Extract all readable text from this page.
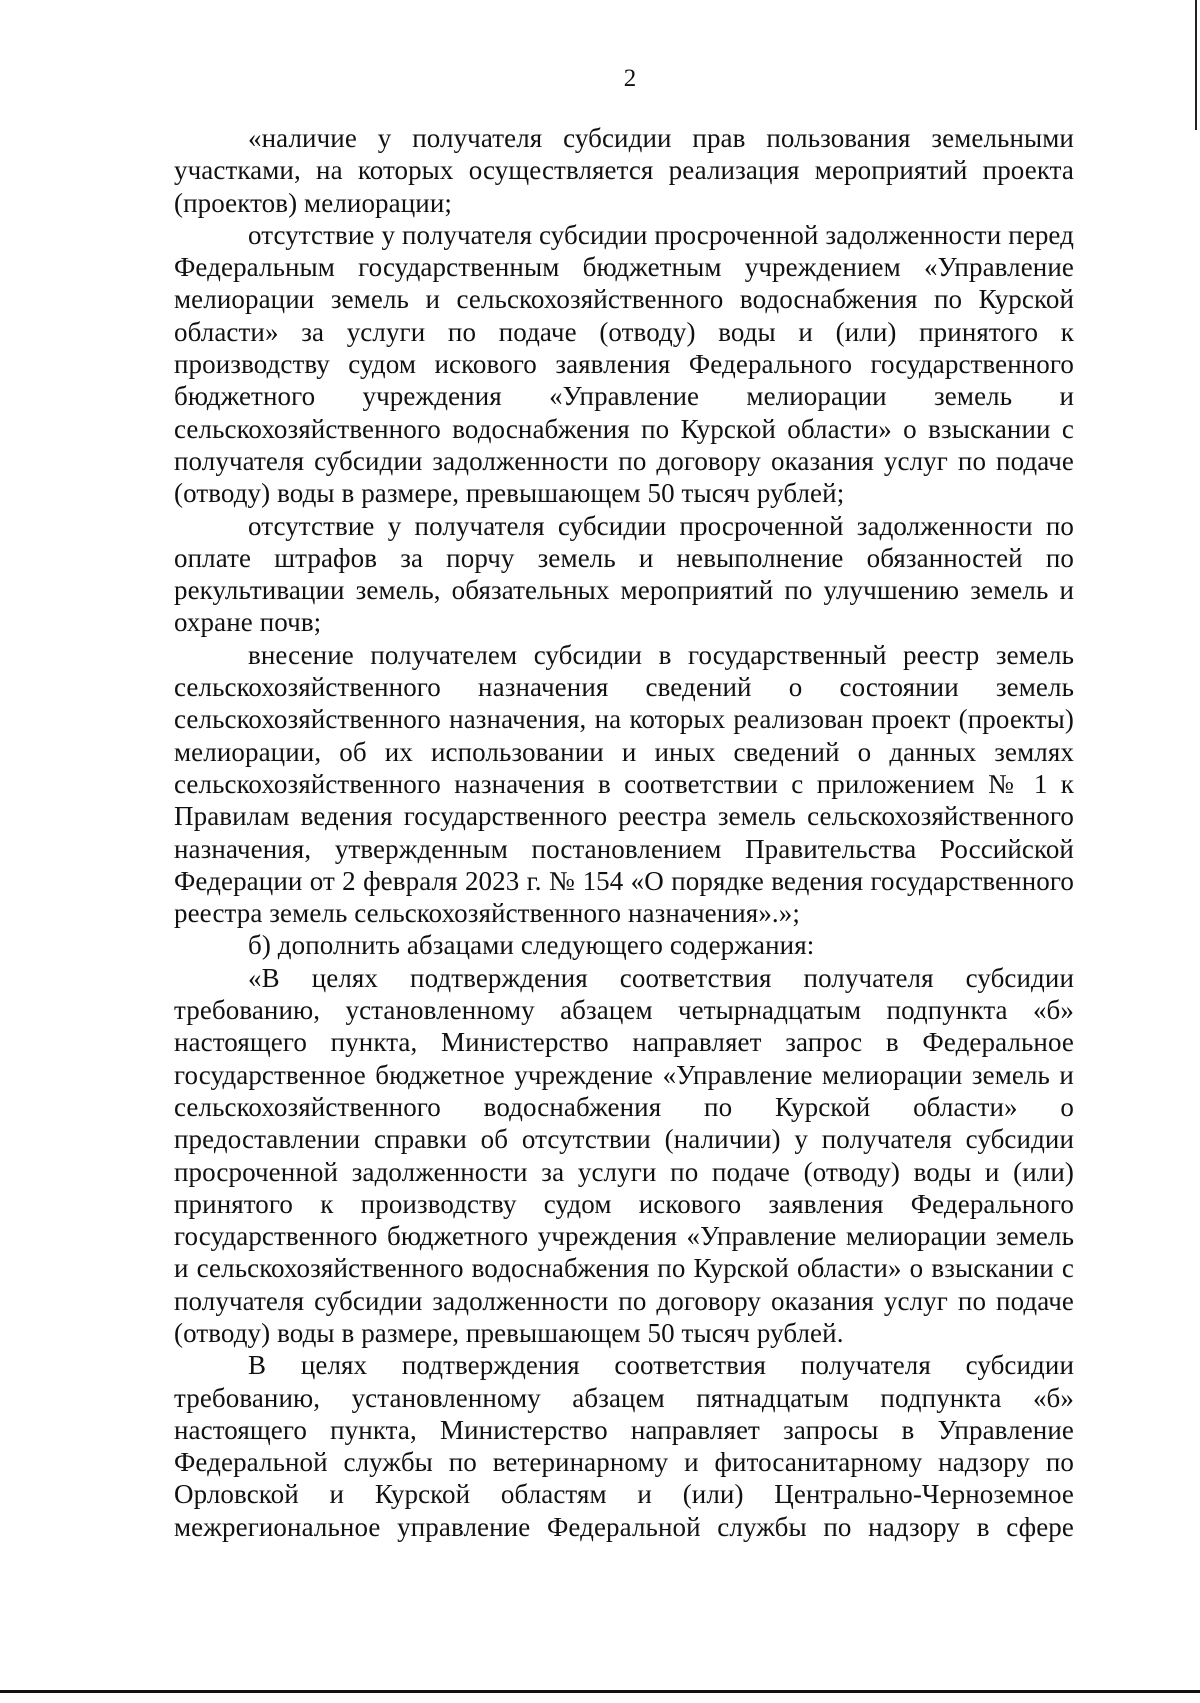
2

«наличие у получателя субсидии прав пользования земельными участками, на которых осуществляется реализация мероприятий проекта (проектов) мелиорации;

отсутствие у получателя субсидии просроченной задолженности перед Федеральным государственным бюджетным учреждением «Управление мелиорации земель и сельскохозяйственного водоснабжения по Курской области» за услуги по подаче (отводу) воды и (или) принятого к производству судом искового заявления Федерального государственного бюджетного учреждения «Управление мелиорации земель и сельскохозяйственного водоснабжения по Курской области» о взыскании с получателя субсидии задолженности по договору оказания услуг по подаче (отводу) воды в размере, превышающем 50 тысяч рублей;

отсутствие у получателя субсидии просроченной задолженности по оплате штрафов за порчу земель и невыполнение обязанностей по рекультивации земель, обязательных мероприятий по улучшению земель и охране почв;

внесение получателем субсидии в государственный реестр земель сельскохозяйственного назначения сведений о состоянии земель сельскохозяйственного назначения, на которых реализован проект (проекты) мелиорации, об их использовании и иных сведений о данных землях сельскохозяйственного назначения в соответствии с приложением № 1 к Правилам ведения государственного реестра земель сельскохозяйственного назначения, утвержденным постановлением Правительства Российской Федерации от 2 февраля 2023 г. № 154 «О порядке ведения государственного реестра земель сельскохозяйственного назначения».»;

б) дополнить абзацами следующего содержания:

«В целях подтверждения соответствия получателя субсидии требованию, установленному абзацем четырнадцатым подпункта «б» настоящего пункта, Министерство направляет запрос в Федеральное государственное бюджетное учреждение «Управление мелиорации земель и сельскохозяйственного водоснабжения по Курской области» о предоставлении справки об отсутствии (наличии) у получателя субсидии просроченной задолженности за услуги по подаче (отводу) воды и (или) принятого к производству судом искового заявления Федерального государственного бюджетного учреждения «Управление мелиорации земель и сельскохозяйственного водоснабжения по Курской области» о взыскании с получателя субсидии задолженности по договору оказания услуг по подаче (отводу) воды в размере, превышающем 50 тысяч рублей.

В целях подтверждения соответствия получателя субсидии требованию, установленному абзацем пятнадцатым подпункта «б» настоящего пункта, Министерство направляет запросы в Управление Федеральной службы по ветеринарному и фитосанитарному надзору по Орловской и Курской областям и (или) Центрально-Черноземное межрегиональное управление Федеральной службы по надзору в сфере
